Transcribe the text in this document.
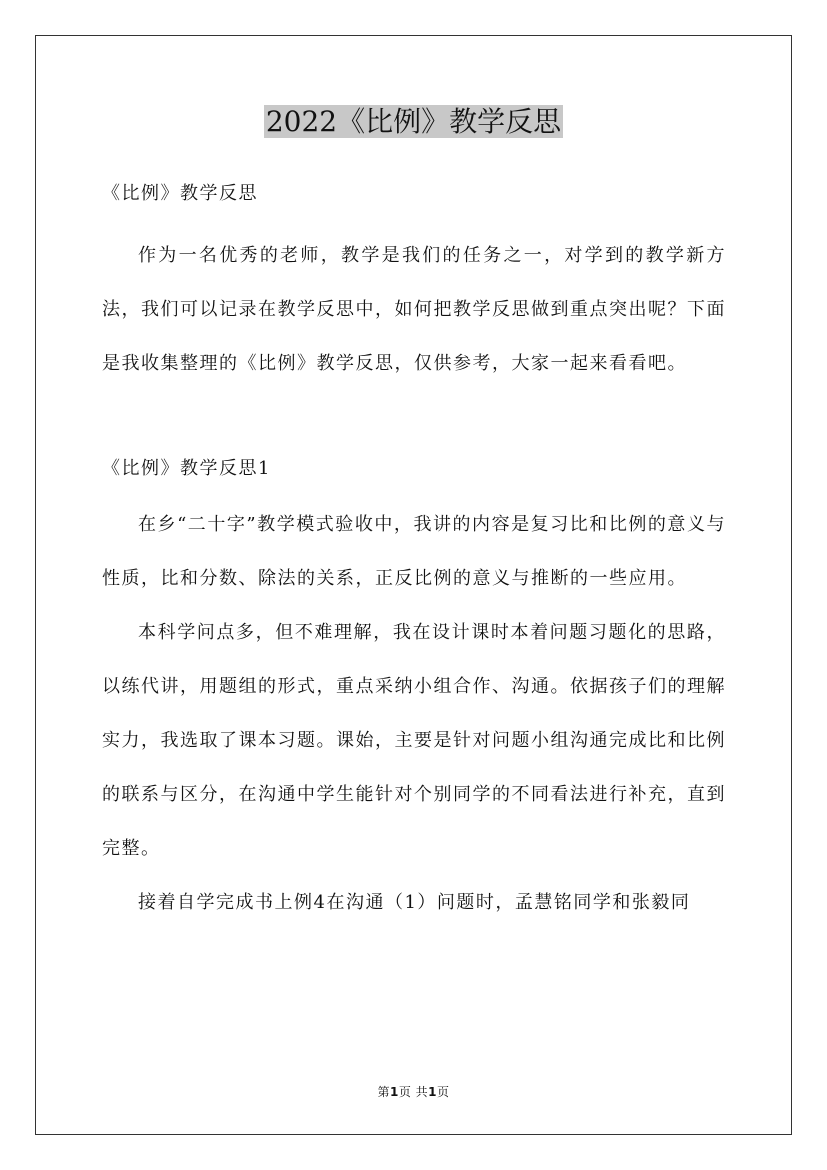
2022《比例》教学反思

《比例》教学反思

作为一名优秀的老师，教学是我们的任务之一，对学到的教学新方法，我们可以记录在教学反思中，如何把教学反思做到重点突出呢？下面是我收集整理的《比例》教学反思，仅供参考，大家一起来看看吧。

《比例》教学反思1

在乡“二十字”教学模式验收中，我讲的内容是复习比和比例的意义与性质，比和分数、除法的关系，正反比例的意义与推断的一些应用。

本科学问点多，但不难理解，我在设计课时本着问题习题化的思路，以练代讲，用题组的形式，重点采纳小组合作、沟通。依据孩子们的理解实力，我选取了课本习题。课始，主要是针对问题小组沟通完成比和比例的联系与区分，在沟通中学生能针对个别同学的不同看法进行补充，直到完整。

接着自学完成书上例4在沟通（1）问题时，孟慧铭同学和张毅同

第1页 共1页
